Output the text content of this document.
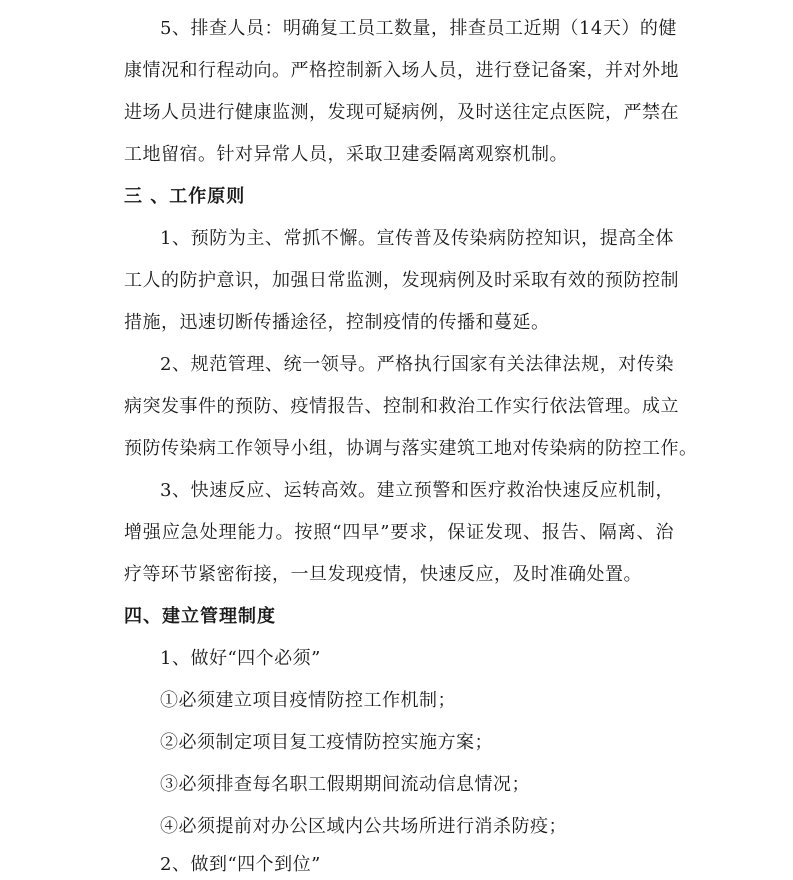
5、排查人员：明确复工员工数量，排查员工近期（14天）的健
康情况和行程动向。严格控制新入场人员，进行登记备案，并对外地
进场人员进行健康监测，发现可疑病例，及时送往定点医院，严禁在
工地留宿。针对异常人员，采取卫建委隔离观察机制。
三 、工作原则
1、预防为主、常抓不懈。宣传普及传染病防控知识，提高全体
工人的防护意识，加强日常监测，发现病例及时采取有效的预防控制
措施，迅速切断传播途径，控制疫情的传播和蔓延。
2、规范管理、统一领导。严格执行国家有关法律法规，对传染
病突发事件的预防、疫情报告、控制和救治工作实行依法管理。成立
预防传染病工作领导小组，协调与落实建筑工地对传染病的防控工作。
3、快速反应、运转高效。建立预警和医疗救治快速反应机制，
增强应急处理能力。按照“四早”要求，保证发现、报告、隔离、治
疗等环节紧密衔接，一旦发现疫情，快速反应，及时准确处置。
四、建立管理制度
1、做好“四个必须”
①必须建立项目疫情防控工作机制；
②必须制定项目复工疫情防控实施方案；
③必须排查每名职工假期期间流动信息情况；
④必须提前对办公区域内公共场所进行消杀防疫；
2、做到“四个到位”
